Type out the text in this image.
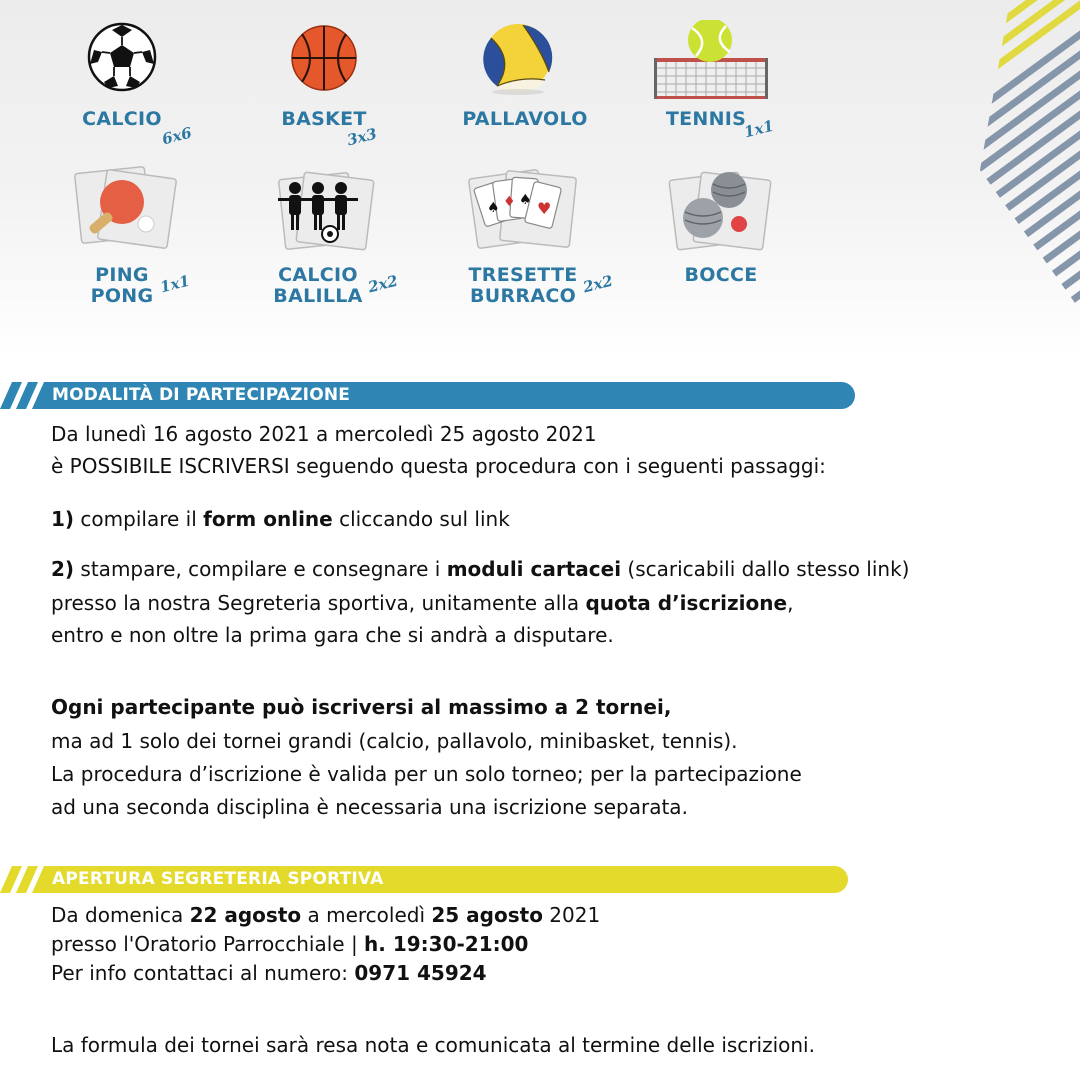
CALCIO
6x6
BASKET
3x3
PALLAVOLO	TENNIS
1x1
PING
PONG 1x1	CALCIO
BALILLA 2x2
♠ ♦ ♠ ♥
TRESETTE
BURRACO 2x2	BOCCE
MODALITÀ DI PARTECIPAZIONE
Da lunedì 16 agosto 2021 a mercoledì 25 agosto 2021
è POSSIBILE ISCRIVERSI seguendo questa procedura con i seguenti passaggi:
1) compilare il form online cliccando sul link
2) stampare, compilare e consegnare i moduli cartacei (scaricabili dallo stesso link)
presso la nostra Segreteria sportiva, unitamente alla quota d’iscrizione,
entro e non oltre la prima gara che si andrà a disputare.
Ogni partecipante può iscriversi al massimo a 2 tornei,
ma ad 1 solo dei tornei grandi (calcio, pallavolo, minibasket, tennis).
La procedura d’iscrizione è valida per un solo torneo; per la partecipazione
ad una seconda disciplina è necessaria una iscrizione separata.
APERTURA SEGRETERIA SPORTIVA
Da domenica 22 agosto a mercoledì 25 agosto 2021
presso l'Oratorio Parrocchiale | h. 19:30-21:00
Per info contattaci al numero: 0971 45924
La formula dei tornei sarà resa nota e comunicata al termine delle iscrizioni.
